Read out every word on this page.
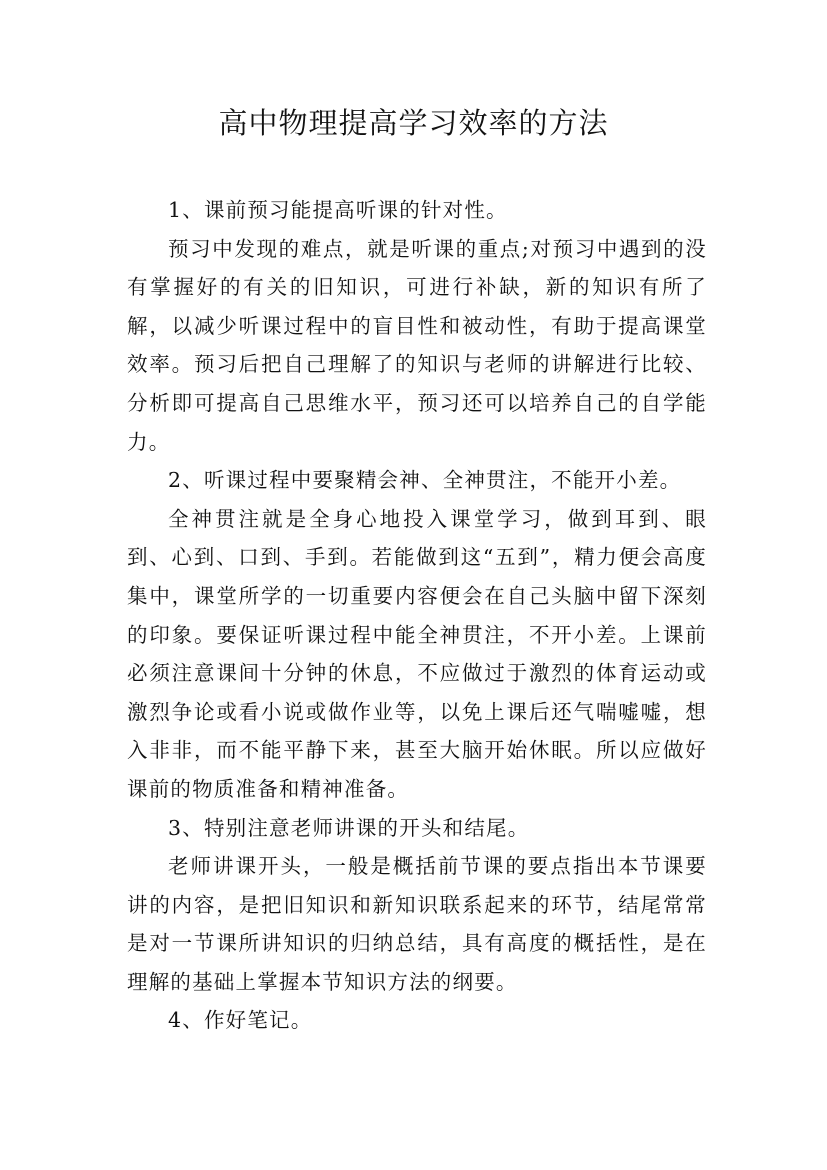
高中物理提高学习效率的方法

1、课前预习能提高听课的针对性。

预习中发现的难点，就是听课的重点;对预习中遇到的没有掌握好的有关的旧知识，可进行补缺，新的知识有所了解，以减少听课过程中的盲目性和被动性，有助于提高课堂效率。预习后把自己理解了的知识与老师的讲解进行比较、分析即可提高自己思维水平，预习还可以培养自己的自学能力。

2、听课过程中要聚精会神、全神贯注，不能开小差。

全神贯注就是全身心地投入课堂学习，做到耳到、眼到、心到、口到、手到。若能做到这“五到”，精力便会高度集中，课堂所学的一切重要内容便会在自己头脑中留下深刻的印象。要保证听课过程中能全神贯注，不开小差。上课前必须注意课间十分钟的休息，不应做过于激烈的体育运动或激烈争论或看小说或做作业等，以免上课后还气喘嘘嘘，想入非非，而不能平静下来，甚至大脑开始休眠。所以应做好课前的物质准备和精神准备。

3、特别注意老师讲课的开头和结尾。

老师讲课开头，一般是概括前节课的要点指出本节课要讲的内容，是把旧知识和新知识联系起来的环节，结尾常常是对一节课所讲知识的归纳总结，具有高度的概括性，是在理解的基础上掌握本节知识方法的纲要。

4、作好笔记。
